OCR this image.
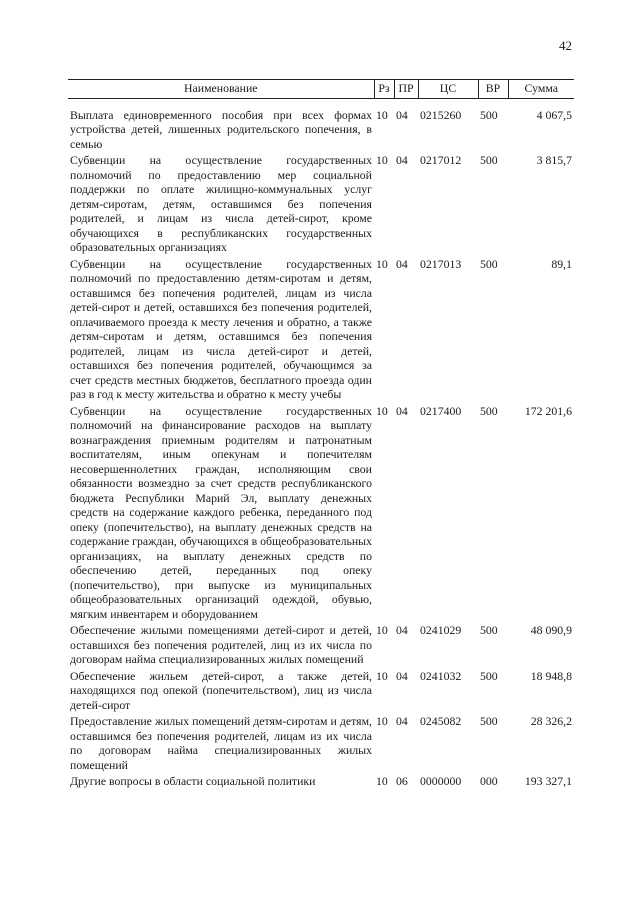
42
Наименование	Рз	ПР	ЦС	ВР	Сумма
Выплата единовременного пособия при всех формах устройства детей, лишенных родительского попечения, в семью	10	04	0215260	500	4 067,5
Субвенции на осуществление государственных полномочий по предоставлению мер социальной поддержки по оплате жилищно-коммунальных услуг детям-сиротам, детям, оставшимся без попечения родителей, и лицам из числа детей-сирот, кроме обучающихся в республиканских государственных образовательных организациях	10	04	0217012	500	3 815,7
Субвенции на осуществление государственных полномочий по предоставлению детям-сиротам и детям, оставшимся без попечения родителей, лицам из числа детей-сирот и детей, оставшихся без попечения родителей, оплачиваемого проезда к месту лечения и обратно, а также детям-сиротам и детям, оставшимся без попечения родителей, лицам из числа детей-сирот и детей, оставшихся без попечения родителей, обучающимся за счет средств местных бюджетов, бесплатного проезда один раз в год к месту жительства и обратно к месту учебы	10	04	0217013	500	89,1
Субвенции на осуществление государственных полномочий на финансирование расходов на выплату вознаграждения приемным родителям и патронатным воспитателям, иным опекунам и попечителям несовершеннолетних граждан, исполняющим свои обязанности возмездно за счет средств республиканского бюджета Республики Марий Эл, выплату денежных средств на содержание каждого ребенка, переданного под опеку (попечительство), на выплату денежных средств на содержание граждан, обучающихся в общеобразовательных организациях, на выплату денежных средств по обеспечению детей, переданных под опеку (попечительство), при выпуске из муниципальных общеобразовательных организаций одеждой, обувью, мягким инвентарем и оборудованием	10	04	0217400	500	172 201,6
Обеспечение жилыми помещениями детей-сирот и детей, оставшихся без попечения родителей, лиц из их числа по договорам найма специализированных жилых помещений	10	04	0241029	500	48 090,9
Обеспечение жильем детей-сирот, а также детей, находящихся под опекой (попечительством), лиц из числа детей-сирот	10	04	0241032	500	18 948,8
Предоставление жилых помещений детям-сиротам и детям, оставшимся без попечения родителей, лицам из их числа по договорам найма специализированных жилых помещений	10	04	0245082	500	28 326,2
Другие вопросы в области социальной политики	10	06	0000000	000	193 327,1
